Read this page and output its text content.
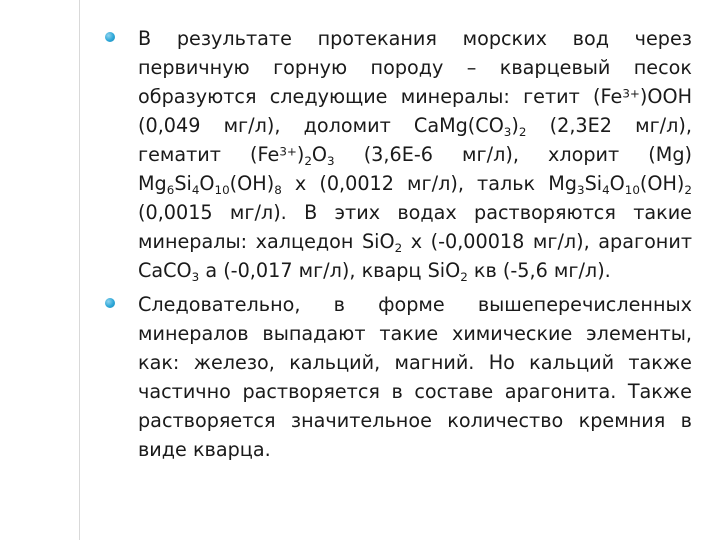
В результате протекания морских вод через первичную горную породу – кварцевый песок образуются следующие минералы: гетит $(Fe^{3+})OOH$ (0,049 мг/л), доломит $CaMg(CO_3)_2$ (2,3E2 мг/л), гематит $(Fe^{3+})_2O_3$ (3,6E-6 мг/л), хлорит (Mg) $Mg_6Si_4O_{10}(OH)_8$ x (0,0012 мг/л), тальк $Mg_3Si_4O_{10}(OH)_2$ (0,0015 мг/л). В этих водах растворяются такие минералы: халцедон SiO$_2$ x (-0,00018 мг/л), арагонит CaCO$_3$ a (-0,017 мг/л), кварц SiO$_2$ кв (-5,6 мг/л).
Следовательно, в форме вышеперечисленных минералов выпадают такие химические элементы, как: железо, кальций, магний. Но кальций также частично растворяется в составе арагонита. Также растворяется значительное количество кремния в виде кварца.
